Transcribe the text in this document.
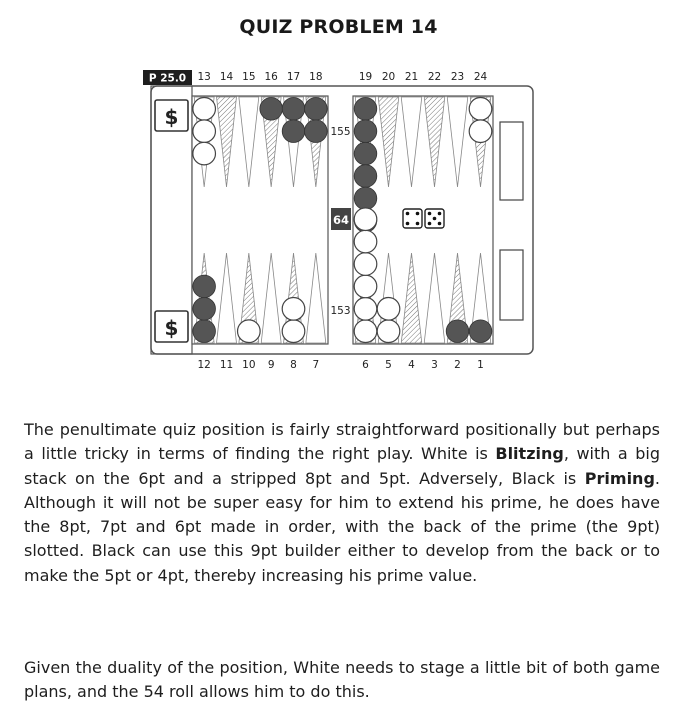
QUIZ PROBLEM 14
P 25.0
$
$
155
153
64
13 14 15 16 17 18	19 20 21 22 23 24
12 11 10 9 8 7	6 5 4 3 2 1

The penultimate quiz position is fairly straightforward positionally but perhaps a little tricky in terms of finding the right play. White is Blitzing, with a big stack on the 6pt and a stripped 8pt and 5pt. Adversely, Black is Priming. Although it will not be super easy for him to extend his prime, he does have the 8pt, 7pt and 6pt made in order, with the back of the prime (the 9pt) slotted. Black can use this 9pt builder either to develop from the back or to make the 5pt or 4pt, thereby increasing his prime value.

Given the duality of the position, White needs to stage a little bit of both game plans, and the 54 roll allows him to do this.
